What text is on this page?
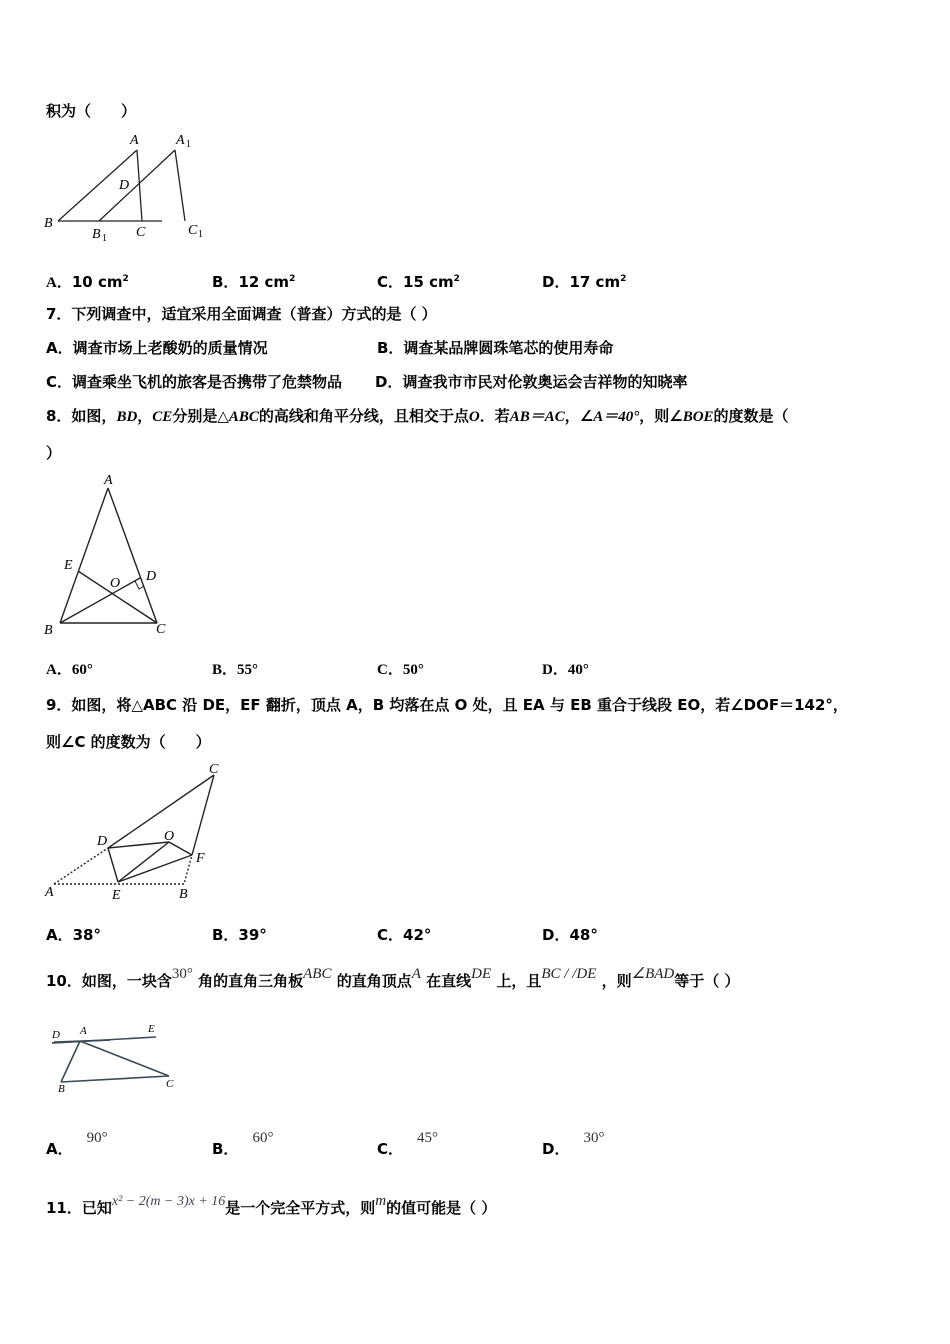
积为（　　）
A	A 1
D
B
B 1 C	C 1
A．10 $cm^2$	B．12 $cm^2$	C．15 $cm^2$	D．17 $cm^2$
7．下列调查中，适宜采用全面调查（普查）方式的是（ ）
A．调查市场上老酸奶的质量情况	B．调查某品牌圆珠笔芯的使用寿命
C．调查乘坐飞机的旅客是否携带了危禁物品 D．调查我市市民对伦敦奥运会吉祥物的知晓率
8．如图，BD，CE分别是△ABC的高线和角平分线，且相交于点O．若AB＝AC，∠A＝40°，则∠BOE的度数是（
）
A
E
D
O
B	C
A．60°	B．55°	C．50°	D．40°
9．如图，将△ABC 沿 DE，EF 翻折，顶点 A，B 均落在点 O 处，且 EA 与 EB 重合于线段 EO，若∠DOF＝142°，
则∠C 的度数为（　　）
C
D	O
F
A	E	B
A．38°	B．39°	C．42°	D．48°
10．如图，一块含30° 角的直角三角板ABC 的直角顶点A 在直线DE 上，且BC / /DE ，则∠BAD等于（ ）
D A	E
B	C
A．90°
B．60°
C．45°
D．30°
11．已知x² − 2(m − 3)x + 16是一个完全平方式，则m的值可能是（ ）
